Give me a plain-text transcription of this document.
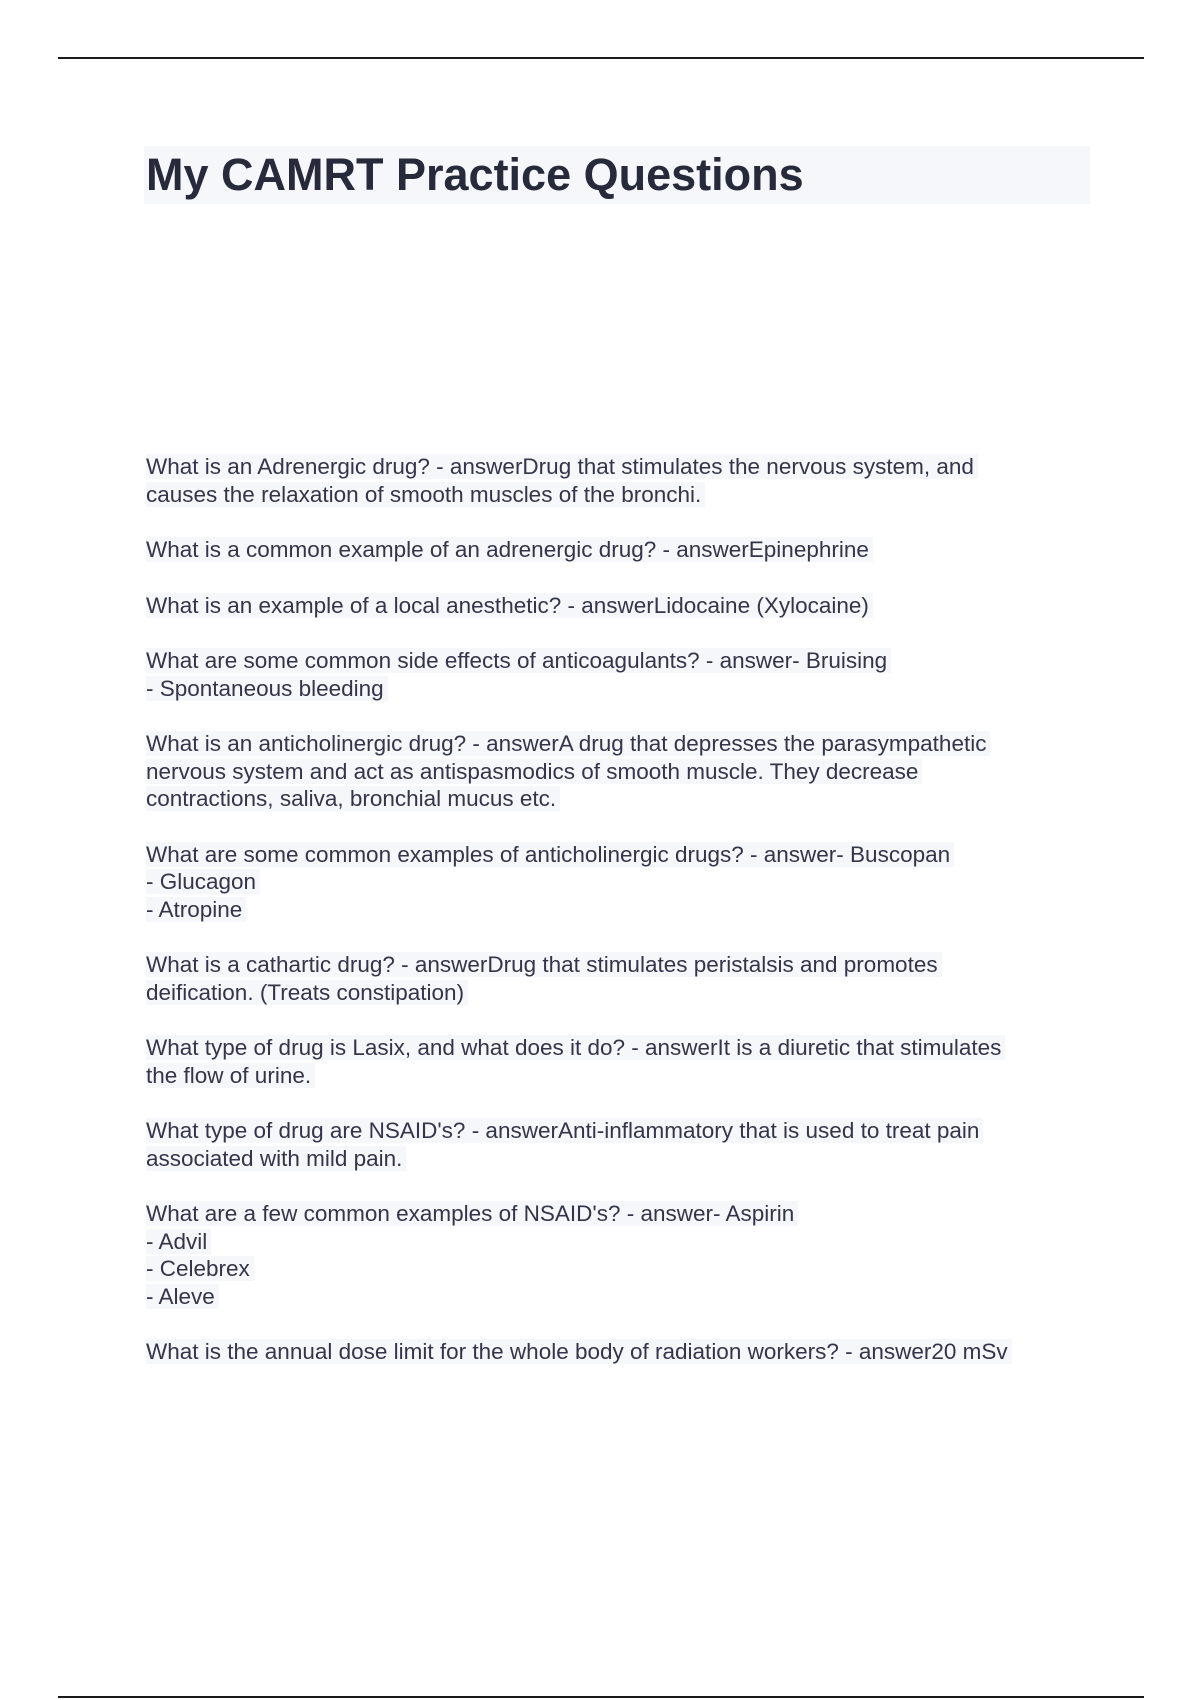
My CAMRT Practice Questions
What is an Adrenergic drug? - answerDrug that stimulates the nervous system, and
causes the relaxation of smooth muscles of the bronchi.
What is a common example of an adrenergic drug? - answerEpinephrine
What is an example of a local anesthetic? - answerLidocaine (Xylocaine)
What are some common side effects of anticoagulants? - answer- Bruising
- Spontaneous bleeding
What is an anticholinergic drug? - answerA drug that depresses the parasympathetic
nervous system and act as antispasmodics of smooth muscle. They decrease
contractions, saliva, bronchial mucus etc.
What are some common examples of anticholinergic drugs? - answer- Buscopan
- Glucagon
- Atropine
What is a cathartic drug? - answerDrug that stimulates peristalsis and promotes
deification. (Treats constipation)
What type of drug is Lasix, and what does it do? - answerIt is a diuretic that stimulates
the flow of urine.
What type of drug are NSAID's? - answerAnti-inflammatory that is used to treat pain
associated with mild pain.
What are a few common examples of NSAID's? - answer- Aspirin
- Advil
- Celebrex
- Aleve
What is the annual dose limit for the whole body of radiation workers? - answer20 mSv
